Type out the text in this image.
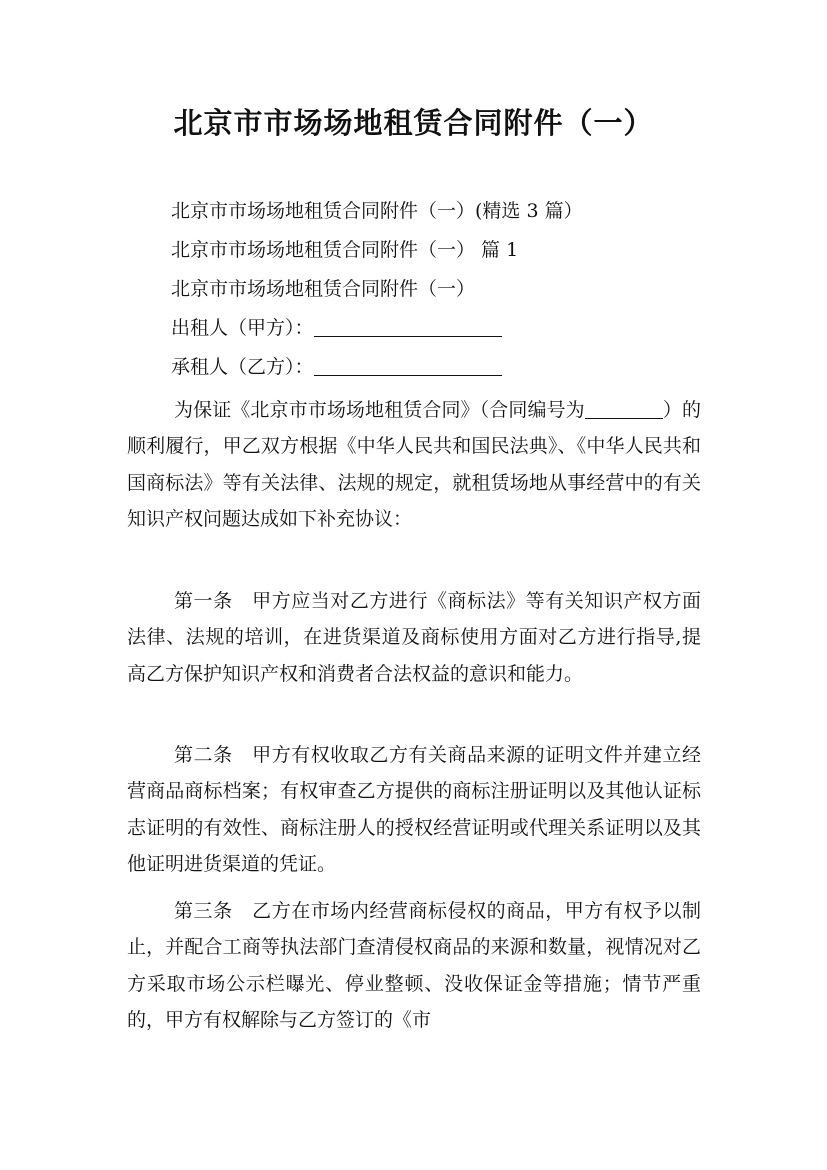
北京市市场场地租赁合同附件（一）
北京市市场场地租赁合同附件（一）(精选 3 篇）
北京市市场场地租赁合同附件（一） 篇 1
北京市市场场地租赁合同附件（一）
出租人（甲方）：
承租人（乙方）：

为保证《北京市市场场地租赁合同》（合同编号为	）的顺利履行，甲乙双方根据《中华人民共和国民法典》、《中华人民共和国商标法》等有关法律、法规的规定，就租赁场地从事经营中的有关知识产权问题达成如下补充协议：

第一条　甲方应当对乙方进行《商标法》等有关知识产权方面法律、法规的培训，在进货渠道及商标使用方面对乙方进行指导,提高乙方保护知识产权和消费者合法权益的意识和能力。

第二条　甲方有权收取乙方有关商品来源的证明文件并建立经营商品商标档案；有权审查乙方提供的商标注册证明以及其他认证标志证明的有效性、商标注册人的授权经营证明或代理关系证明以及其他证明进货渠道的凭证。

第三条　乙方在市场内经营商标侵权的商品，甲方有权予以制止，并配合工商等执法部门查清侵权商品的来源和数量，视情况对乙方采取市场公示栏曝光、停业整顿、没收保证金等措施；情节严重的，甲方有权解除与乙方签订的《市
